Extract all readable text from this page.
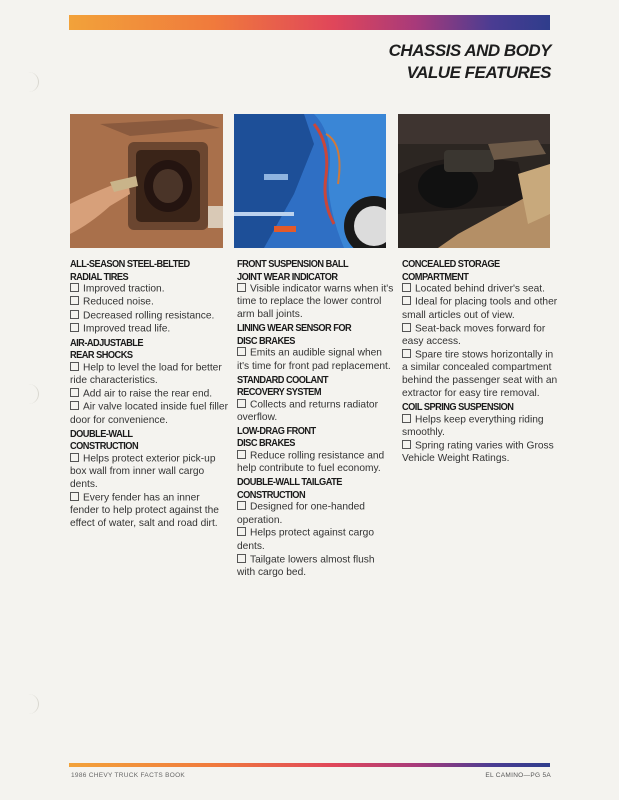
CHASSIS AND BODY
VALUE FEATURES
ALL-SEASON STEEL-BELTED
RADIAL TIRES
Improved traction.
Reduced noise.
Decreased rolling resistance.
Improved tread life.
AIR-ADJUSTABLE
REAR SHOCKS
Help to level the load for better ride characteristics.
Add air to raise the rear end.
Air valve located inside fuel filler door for convenience.
DOUBLE-WALL
CONSTRUCTION
Helps protect exterior pick-up box wall from inner wall cargo dents.
Every fender has an inner fender to help protect against the effect of water, salt and road dirt.
FRONT SUSPENSION BALL
JOINT WEAR INDICATOR
Visible indicator warns when it's time to replace the lower control arm ball joints.
LINING WEAR SENSOR FOR
DISC BRAKES
Emits an audible signal when it's time for front pad replacement.
STANDARD COOLANT
RECOVERY SYSTEM
Collects and returns radiator overflow.
LOW-DRAG FRONT
DISC BRAKES
Reduce rolling resistance and help contribute to fuel economy.
DOUBLE-WALL TAILGATE
CONSTRUCTION
Designed for one-handed operation.
Helps protect against cargo dents.
Tailgate lowers almost flush with cargo bed.
CONCEALED STORAGE
COMPARTMENT
Located behind driver's seat.
Ideal for placing tools and other small articles out of view.
Seat-back moves forward for easy access.
Spare tire stows horizontally in a similar concealed compartment behind the passenger seat with an extractor for easy tire removal.
COIL SPRING SUSPENSION
Helps keep everything riding smoothly.
Spring rating varies with Gross Vehicle Weight Ratings.
1986 CHEVY TRUCK FACTS BOOK	EL CAMINO—PG 5A
